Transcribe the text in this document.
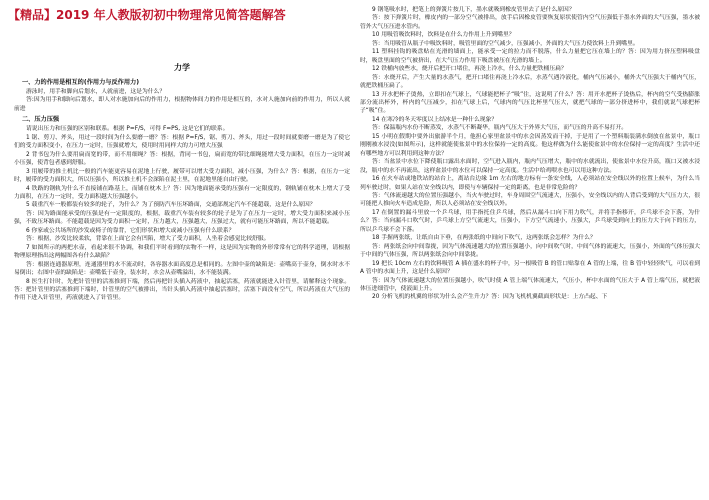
【精品】2019 年人教版初初中物理常见简答题解答
力学

一、力的作用是相互的(作用力与反作用力)

游泳时，用手和脚向后划水，人就前进，这是为什么？

答:因为用手和脚向后划水，即人对水施加向后的作用力，根据物体间力的作用是相互的，水对人施加向前的作用力，所以人就前进

二、压力压强

请说出压力和压强的区别和联系。根据 P=F/S，可得 F=PS, 这是它们的联系。

1 锯、剪刀、斧头，用过一段时间为什么要磨一磨？答：根据 P=F/S，锯、剪刀、斧头，用过一段时间就要磨一磨是为了使它们的受力面积变小，在压力一定时，压强就增大，使用时用同样大的力可增大压强

2 背书包为什么要用扁而宽的带，而不用细绳？答：根据，背同一书包，扁而宽的带比细绳能增大受力面积，在压力一定时减小压强，使背包者感到舒服。

3 用履带的推土机比一般的汽车能更容易在泥地上行驶，履带可以增大受力面积，减小压强，为什么？答：根据，在压力一定时，履带的受力面积大，所以压强小，所以推土机不会深陷在泥土里，在泥地里能自由行驶。

4 铁路的钢轨为什么不直接铺在路基上，而铺在枕木上？答：因为地面能承受的压强有一定限度的，钢轨铺在枕木上增大了受力面积，在压力一定时，受力面积越大压强越小。

5 载重汽车一般都装有较多的轮子，为什么？为了预防汽车压坏路面，交通部规定汽车不能超载，这是什么原因？

答：因为路面能承受的压强是有一定限度的，根据，载重汽车装有较多的轮子是为了在压力一定时，增大受力面积来减小压强，不致压坏路面。不能超载是因为受力面积一定时，压力越大，压强越大，压强过大，就有可能压坏路面，所以不能超载。

6 你家或公共场所的沙发或椅子的靠背，它们形状和增大或减小压强有什么联系？

答：根据，沙发比较柔软，背靠在上面它会有凹陷，增大了受力面积，人坐着会感觉比较舒服。

7 如图所示的两把水壶，看起来很不协调，和我们平时看到的实物不一样，这是因为实物的外形常常有它的科学道理，请根据物理原理指出这两幅图各有什么缺陷？

答：根据连通器原理，连通器里的水不流动时，各容器水面高度总是相同的。左图中壶的缺陷是：壶嘴高于壶身，倒水时水不易倒出；右图中壶的缺陷是：壶嘴低于壶身，装水时，水会从壶嘴溢出，水不能装满。

8 医生打针时，先把针管里的活塞推到下端，然后再把针头插入药液中，抽起活塞，药液就能进入针管里，请解释这个现象。答：把针管里的活塞推到下端时，针管里的空气被排出，当针头插入药液中抽起活塞时，活塞下面没有空气，所以药液在大气压的作用下进入针管里，药液就进入了针管里。

9 钢笔吸水时，把笔上的弹簧片按几下，墨水就吸到橡皮管里去了是什么原因？

答：按下弹簧片时，橡皮内的一部分空气被排出，放手后因橡皮管要恢复原状使管内空气压强低于墨水外面的大气压强，墨水被管外大气压压进水管内。

10 用吸管吸饮料时，饮料是在什么力作用上升到嘴里？

答：当用吸管从瓶子中吸饮料时，吸管里面的空气减少，压强减小，外面的大气压力使饮料上升到嘴里。

11 塑料挂钩的吸盘贴在光滑的墙面上，能承受一定的拉力而不脱落，什么力量把它压在墙上的？答：因为用力挤压塑料吸盘时，吸盘里面的空气被挤出，在大气压力作用下吸盘被压在光滑的墙上。

12 铁桶内放些水，烧开后把开口堵住，再浇上冷水，什么力量把铁桶压扁？

答：水烧开后，产生大量的水蒸气，把开口堵住再浇上冷水后，水蒸气遇冷液化，桶内气压减小，桶外大气压强大于桶内气压，就把铁桶压扁了。

13 开水把杯子烫热，立即扣在气球上，气球能把杯子“吸”住，这说明了什么？答：用开水把杯子烫热后，杯内的空气受热膨胀部分流出杯外，杯内的气压减少，扣在气球上后，气球内的气压比杯里气压大，就把气球的一部分挤进杯中，我们就说气球把杯子“吸”住。

14 在寒冷的冬天零度以上结冰是一种什么现象？

答：保温瓶内水份不断蒸发，水蒸气不断凝华，瓶内气压大于外界大气压，而气压的升高不易打开。

15 小明在假期中要外出旅游半个月，他担心家里盆景中的水会因蒸发而干掉，于是用了一个塑料瓶装满水倒放在盆景中，瓶口刚刚被水浸没(如图所示)，这样就能使盆景中的水位保持一定的高度。他这样做为什么能使盆景中的水位保持一定的高度？生活中还有哪些地方可以利用到这种方法？

答：当盆景中水位下降使瓶口露出水面时，空气进入瓶内，瓶内气压增大，瓶中的水就流出，使盆景中水位升高，瓶口又被水浸没，瓶中的水不再流出，这样盆景中的水位可以保持一定高度。生活中给鸡喂水也可以用这种方法。

16 在火车站或地铁站的站台上，离站台边缘 1m 左右的地方标有一条安全线，人必须站在安全线以外的位置上候车，为什么当列车驶过时，如果人站在安全线以内，即使与车辆保持一定的距离，也是非常危险的？

答：气体流速越大的位置压强越小，当火车驶过时，车身周围空气流速大，压强小，安全线以内的人背后受到的大气压力大，很可能把人推向火车造成危险，所以人必须站在安全线以外。

17 在倒置的漏斗里放一个乒乓球，用手指托住乒乓球，然后从漏斗口向下用力吹气，并将手指移开，乒乓球不会下落，为什么？答：当向漏斗口吹气时，乒乓球上方空气流速大，压强小，下方空气流速小，压强大，乒乓球受到向上的压力大于向下的压力，所以乒乓球不会下落。

18 手握两张纸，让纸自由下垂，在两张纸的中间向下吹气，这两张纸会怎样？为什么？

答：两张纸会向中间靠拢，因为气体流速越大的位置压强越小，向中间吹气时，中间气体的流速大，压强小，外面的气体压强大于中间的气体压强，所以两张纸会向中间靠拢。

19 把长 10cm 左右的饮料吸管 A 插在盛水的杯子中，另一根吸管 B 的管口贴靠在 A 管的上端，往 B 管中轻轻吹气，可以看到 A 管中的水面上升，这是什么原因？

答：因为气体流速越大的位置压强越小，吹气时使 A 管上端气体流速大，气压小，杯中水面的气压大于 A 管上端气压，就把液体压进细管中，使液面上升。

20 分析飞机的机翼的形状为什么会产生升力？答：因为飞机机翼截面形状是：上方凸起、下
